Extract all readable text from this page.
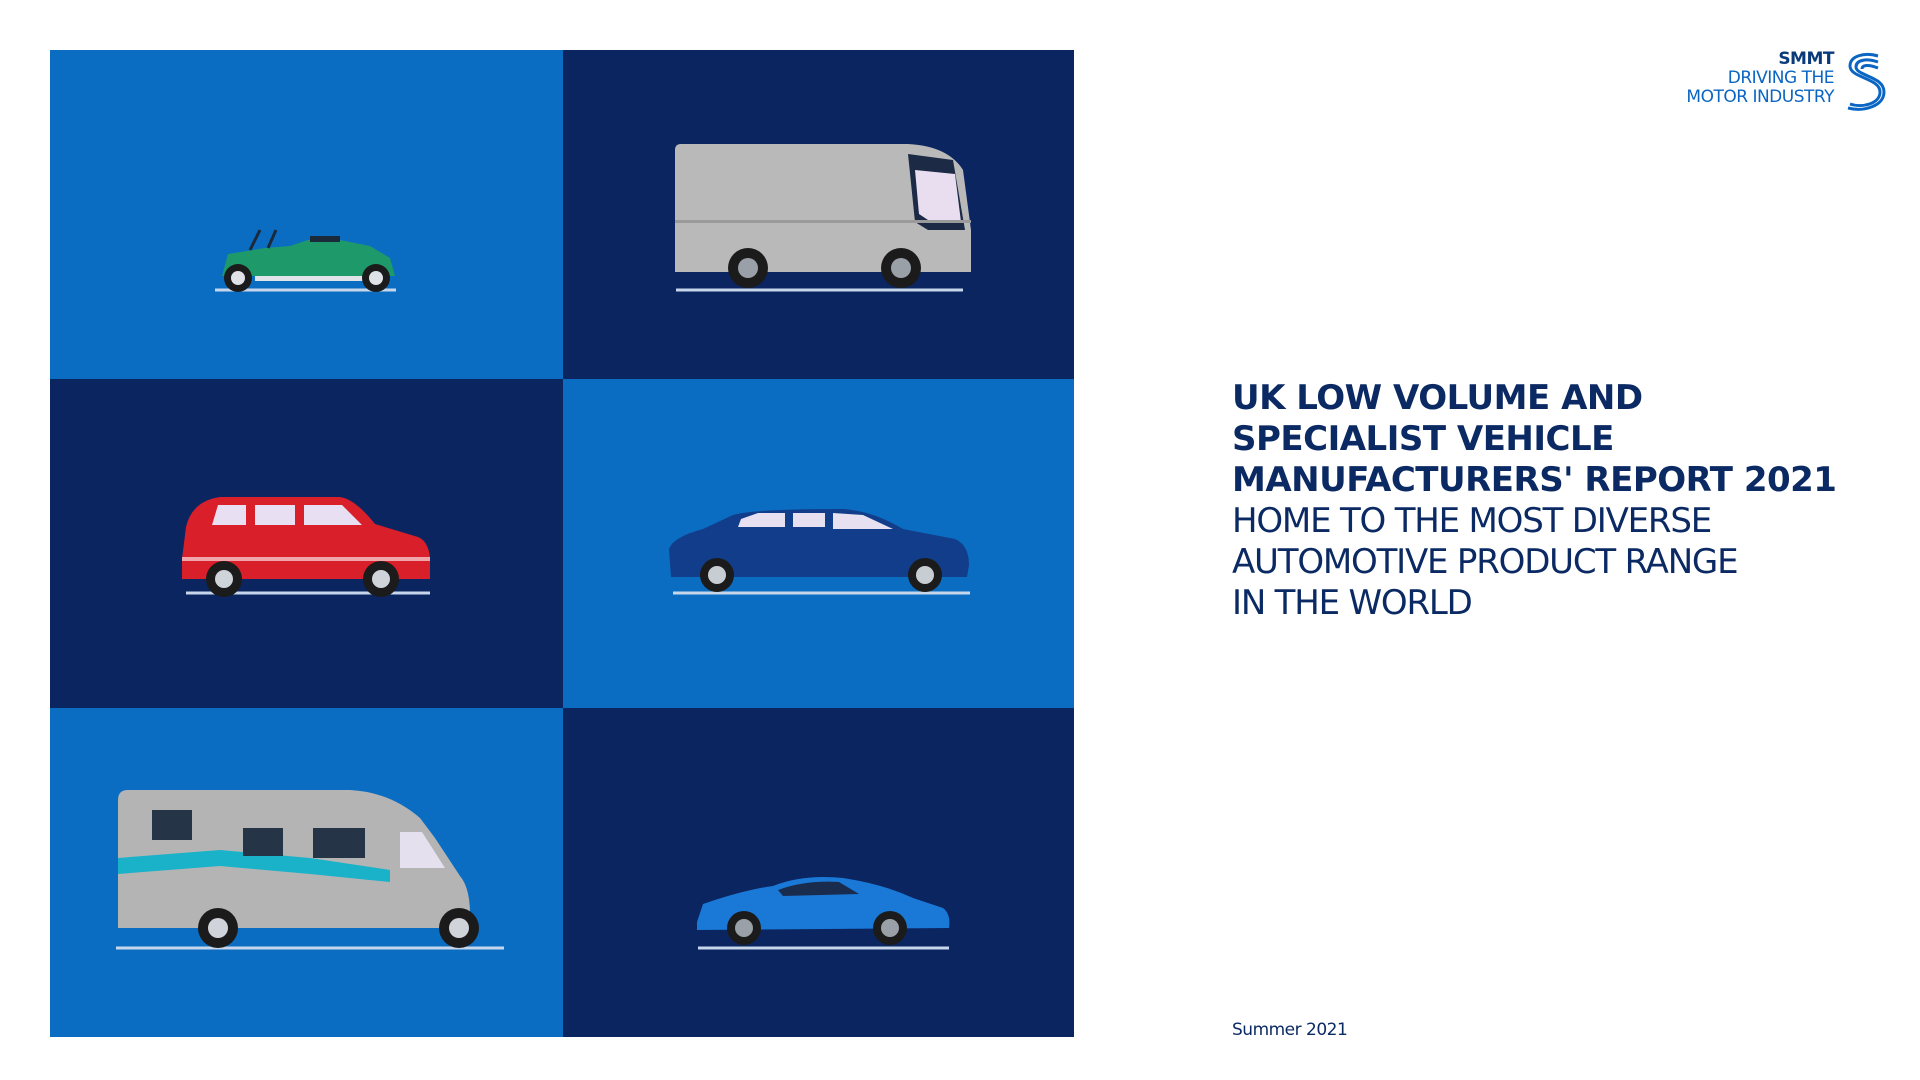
SMMT
DRIVING THE
MOTOR INDUSTRY
UK LOW VOLUME AND
SPECIALIST VEHICLE
MANUFACTURERS' REPORT 2021
HOME TO THE MOST DIVERSE
AUTOMOTIVE PRODUCT RANGE
IN THE WORLD
Summer 2021
